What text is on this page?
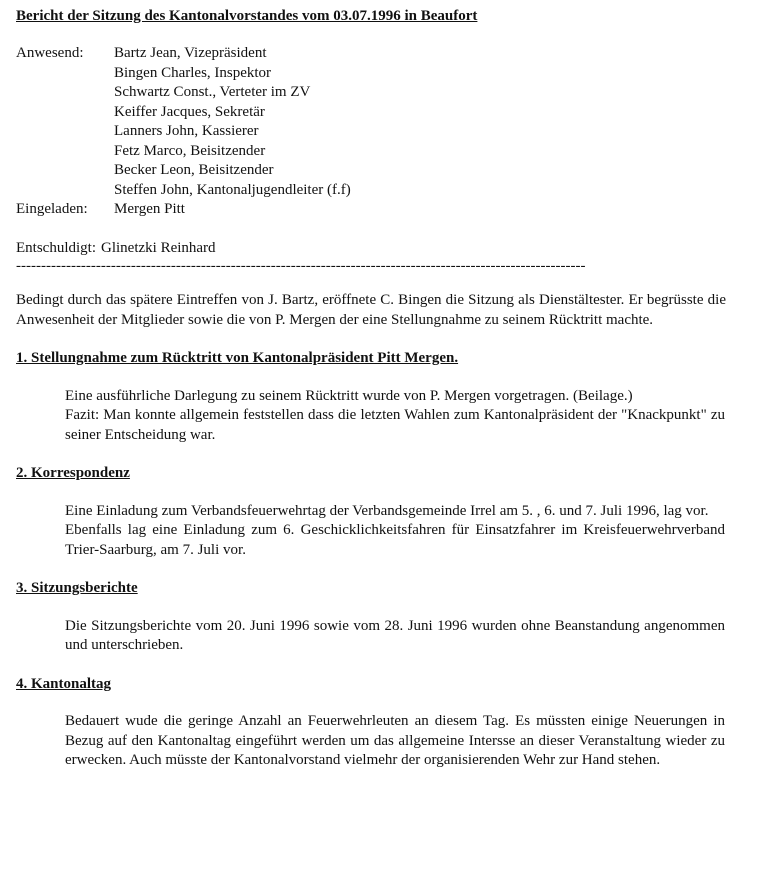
Bericht der Sitzung des Kantonalvorstandes vom 03.07.1996 in Beaufort
Anwesend:	Bartz Jean, Vizepräsident
Bingen Charles, Inspektor
Schwartz Const., Verteter im ZV
Keiffer Jacques, Sekretär
Lanners John, Kassierer
Fetz Marco, Beisitzender
Becker Leon, Beisitzender
Steffen John, Kantonaljugendleiter (f.f)
Eingeladen:	Mergen Pitt
Entschuldigt: Glinetzki Reinhard
------------------------------------------------------------------------------------------------------------------
Bedingt durch das spätere Eintreffen von J. Bartz, eröffnete C. Bingen die Sitzung als Dienstältester. Er begrüsste die Anwesenheit der Mitglieder sowie die von P. Mergen der eine Stellungnahme zu seinem Rücktritt machte.
1. Stellungnahme zum Rücktritt von Kantonalpräsident Pitt Mergen.

Eine ausführliche Darlegung zu seinem Rücktritt wurde von P. Mergen vorgetragen. (Beilage.)

Fazit: Man konnte allgemein feststellen dass die letzten Wahlen zum Kantonalpräsident der "Knackpunkt" zu seiner Entscheidung war.

2. Korrespondenz

Eine Einladung zum Verbandsfeuerwehrtag der Verbandsgemeinde Irrel am 5. , 6. und 7. Juli 1996, lag vor.

Ebenfalls lag eine Einladung zum 6. Geschicklichkeitsfahren für Einsatzfahrer im Kreisfeuerwehrverband Trier-Saarburg, am 7. Juli vor.

3. Sitzungsberichte

Die Sitzungsberichte vom 20. Juni 1996 sowie vom 28. Juni 1996 wurden ohne Beanstandung angenommen und unterschrieben.

4. Kantonaltag

Bedauert wude die geringe Anzahl an Feuerwehrleuten an diesem Tag. Es müssten einige Neuerungen in Bezug auf den Kantonaltag eingeführt werden um das allgemeine Intersse an dieser Veranstaltung wieder zu erwecken. Auch müsste der Kantonalvorstand vielmehr der organisierenden Wehr zur Hand stehen.
